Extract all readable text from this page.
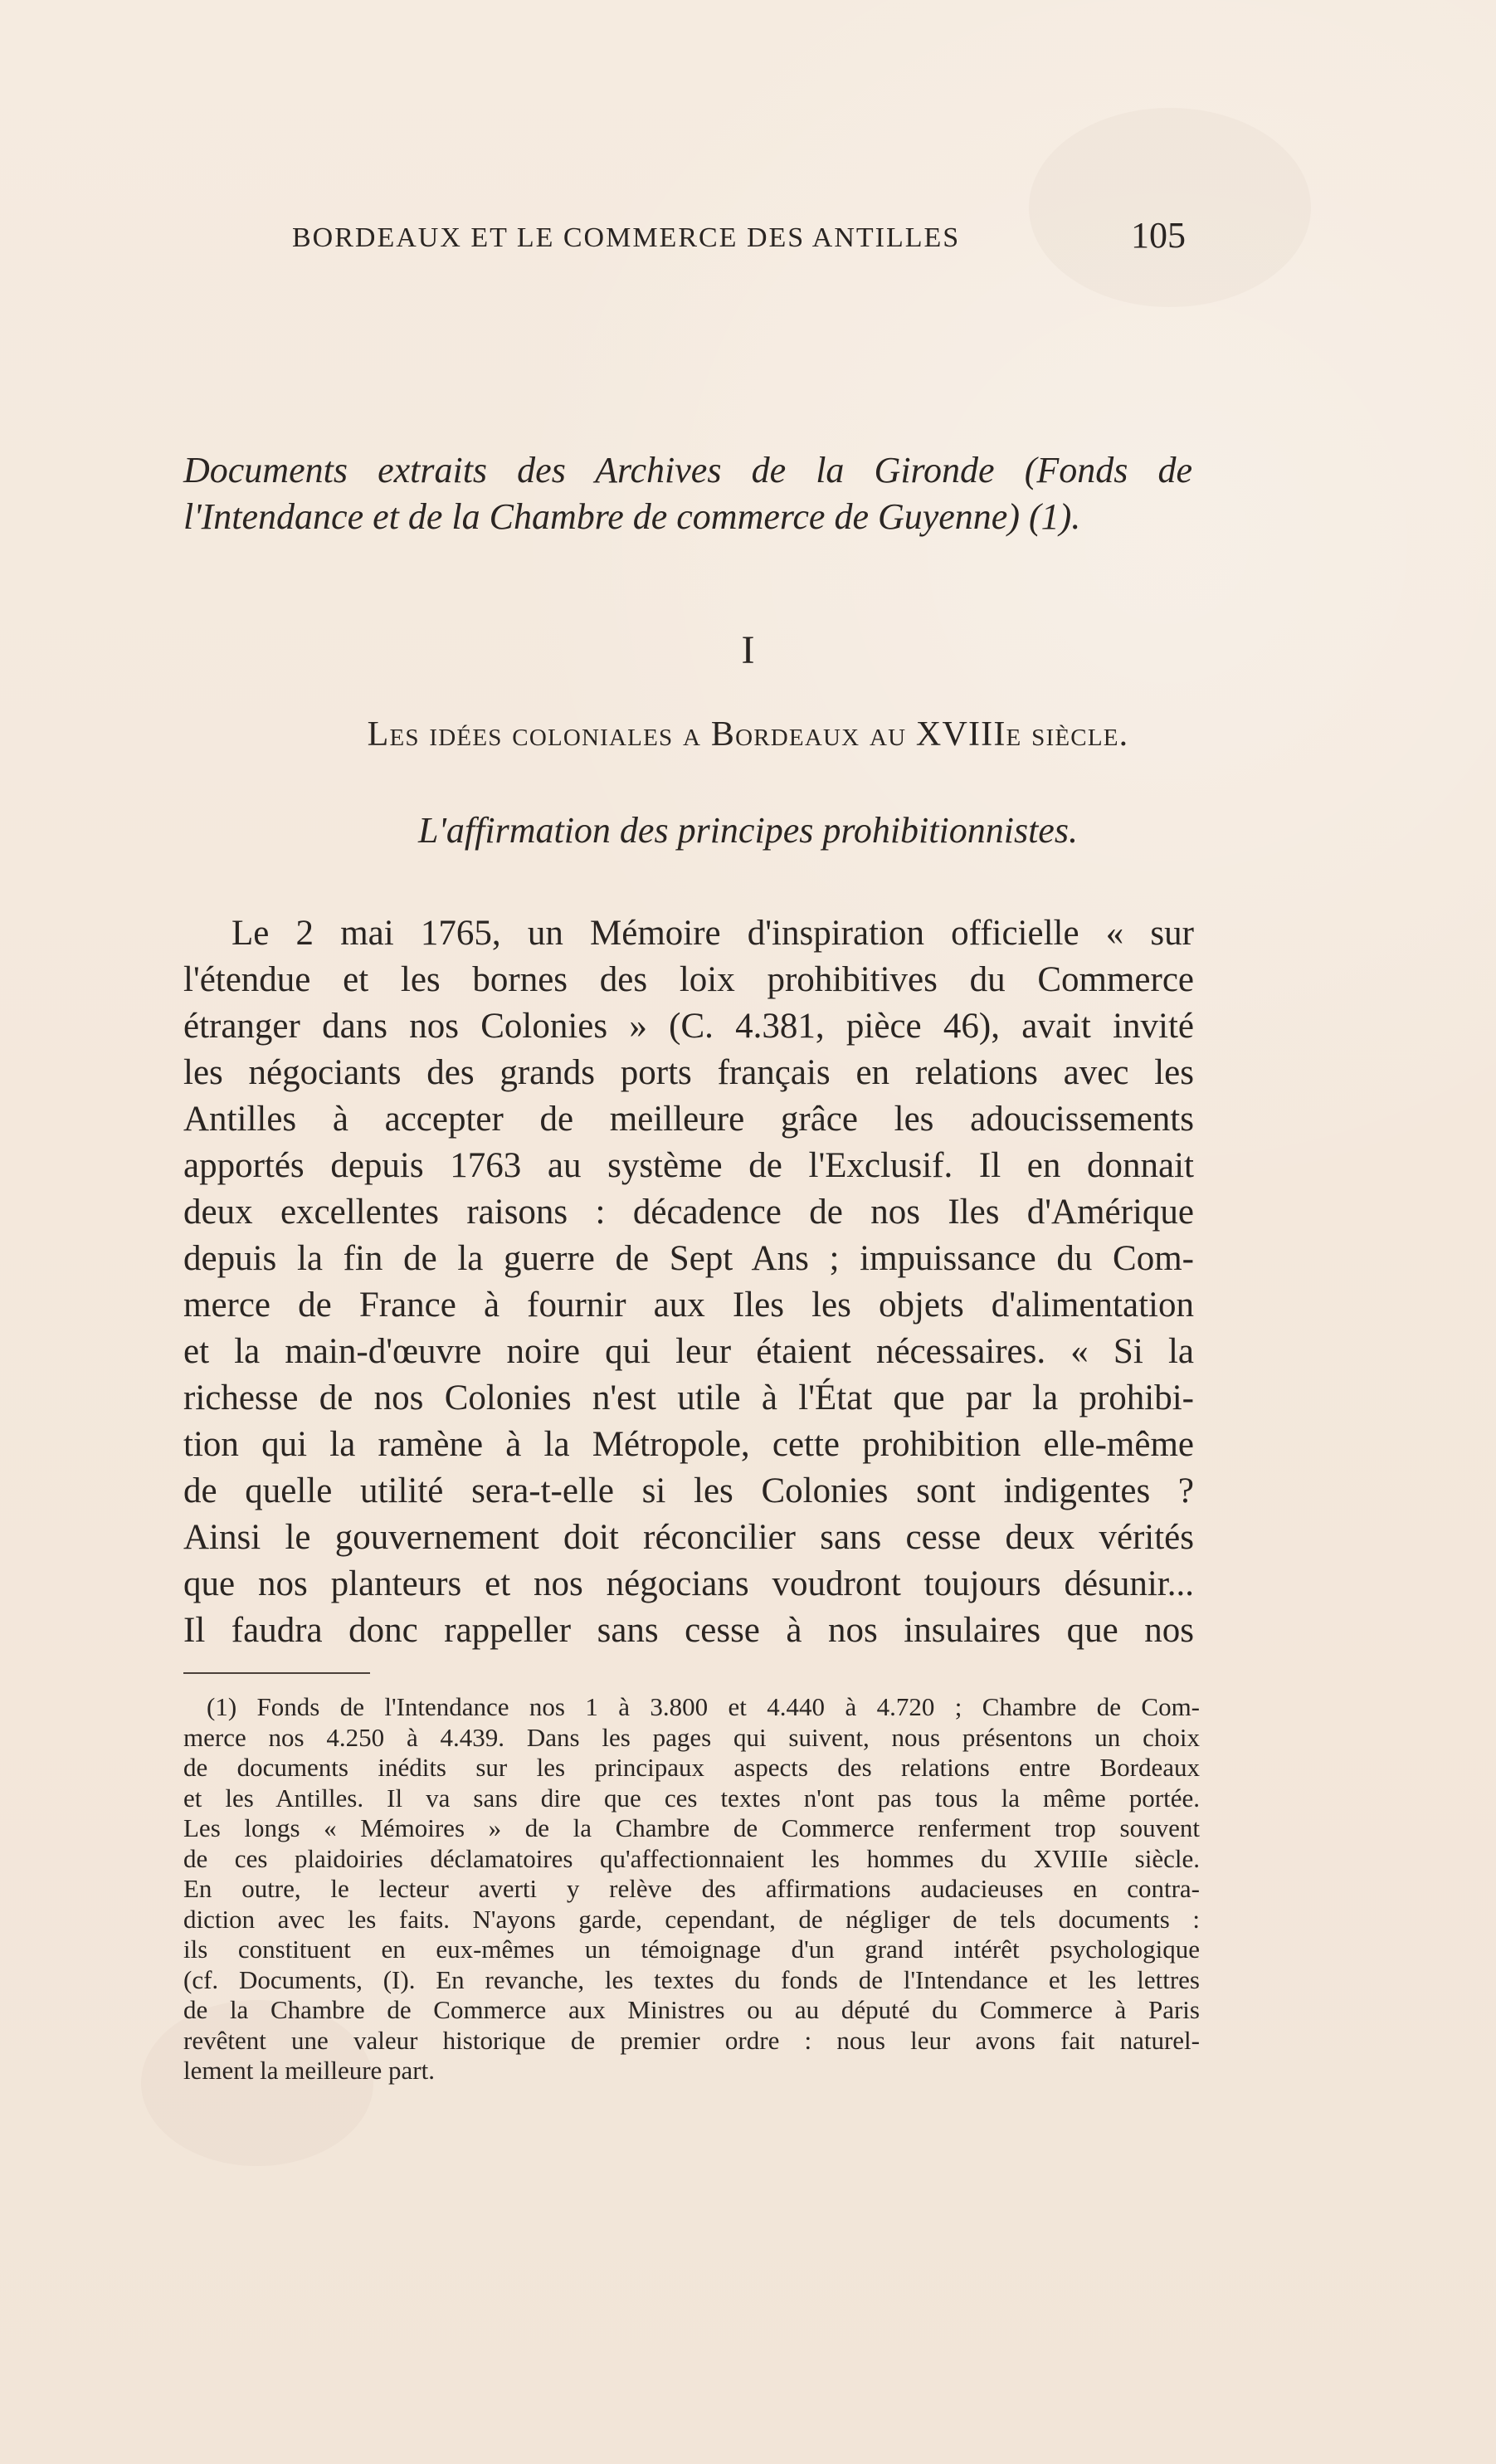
BORDEAUX ET LE COMMERCE DES ANTILLES	105
Documents extraits des Archives de la Gironde (Fonds de
l'Intendance et de la Chambre de commerce de Guyenne) (1).
I
Les idées coloniales a Bordeaux au XVIIIe siècle.
L'affirmation des principes prohibitionnistes.
Le 2 mai 1765, un Mémoire d'inspiration officielle « sur
l'étendue et les bornes des loix prohibitives du Commerce
étranger dans nos Colonies » (C. 4.381, pièce 46), avait invité
les négociants des grands ports français en relations avec les
Antilles à accepter de meilleure grâce les adoucissements
apportés depuis 1763 au système de l'Exclusif. Il en donnait
deux excellentes raisons : décadence de nos Iles d'Amérique
depuis la fin de la guerre de Sept Ans ; impuissance du Com-
merce de France à fournir aux Iles les objets d'alimentation
et la main-d'œuvre noire qui leur étaient nécessaires. « Si la
richesse de nos Colonies n'est utile à l'État que par la prohibi-
tion qui la ramène à la Métropole, cette prohibition elle-même
de quelle utilité sera-t-elle si les Colonies sont indigentes ?
Ainsi le gouvernement doit réconcilier sans cesse deux vérités
que nos planteurs et nos négocians voudront toujours désunir...
Il faudra donc rappeller sans cesse à nos insulaires que nos
(1) Fonds de l'Intendance nos 1 à 3.800 et 4.440 à 4.720 ; Chambre de Com-
merce nos 4.250 à 4.439. Dans les pages qui suivent, nous présentons un choix
de documents inédits sur les principaux aspects des relations entre Bordeaux
et les Antilles. Il va sans dire que ces textes n'ont pas tous la même portée.
Les longs « Mémoires » de la Chambre de Commerce renferment trop souvent
de ces plaidoiries déclamatoires qu'affectionnaient les hommes du XVIIIe siècle.
En outre, le lecteur averti y relève des affirmations audacieuses en contra-
diction avec les faits. N'ayons garde, cependant, de négliger de tels documents :
ils constituent en eux-mêmes un témoignage d'un grand intérêt psychologique
(cf. Documents, (I). En revanche, les textes du fonds de l'Intendance et les lettres
de la Chambre de Commerce aux Ministres ou au député du Commerce à Paris
revêtent une valeur historique de premier ordre : nous leur avons fait naturel-
lement la meilleure part.
